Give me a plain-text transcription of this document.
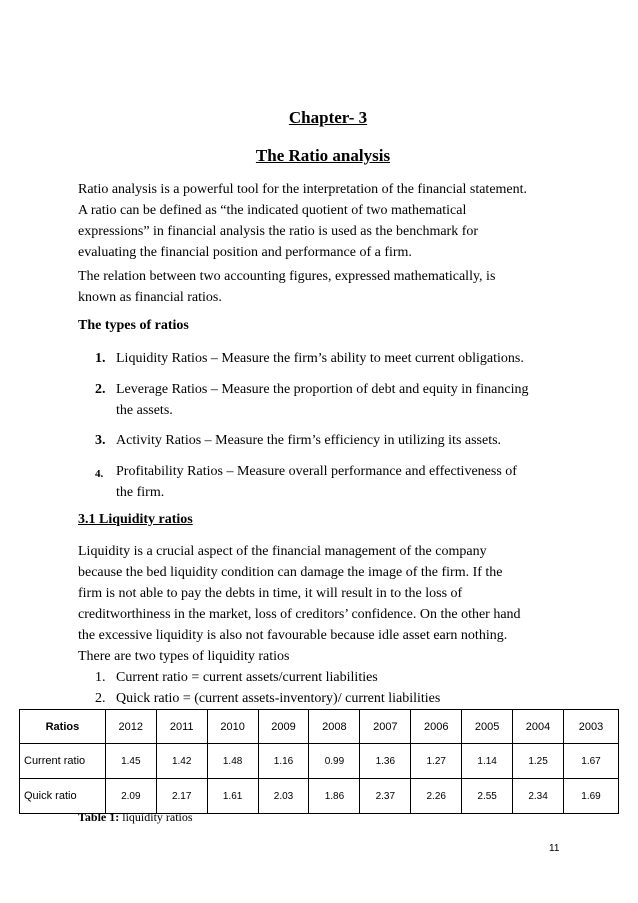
Chapter- 3
The Ratio analysis
Ratio analysis is a powerful tool for the interpretation of the financial statement.
A ratio can be defined as “the indicated quotient of two mathematical
expressions” in financial analysis the ratio is used as the benchmark for
evaluating the financial position and performance of a firm.
The relation between two accounting figures, expressed mathematically, is
known as financial ratios.
The types of ratios
1. Liquidity Ratios – Measure the firm’s ability to meet current obligations.
2. Leverage Ratios – Measure the proportion of debt and equity in financing
the assets.
3. Activity Ratios – Measure the firm’s efficiency in utilizing its assets.
4. Profitability Ratios – Measure overall performance and effectiveness of
the firm.
3.1 Liquidity ratios
Liquidity is a crucial aspect of the financial management of the company
because the bed liquidity condition can damage the image of the firm. If the
firm is not able to pay the debts in time, it will result in to the loss of
creditworthiness in the market, loss of creditors’ confidence. On the other hand
the excessive liquidity is also not favourable because idle asset earn nothing.
There are two types of liquidity ratios
1. Current ratio = current assets/current liabilities
2. Quick ratio = (current assets-inventory)/ current liabilities
Ratios	2012	2011	2010	2009	2008	2007	2006	2005	2004	2003
Current ratio	1.45	1.42	1.48	1.16	0.99	1.36	1.27	1.14	1.25	1.67
Quick ratio	2.09	2.17	1.61	2.03	1.86	2.37	2.26	2.55	2.34	1.69
Table 1: liquidity ratios
11
